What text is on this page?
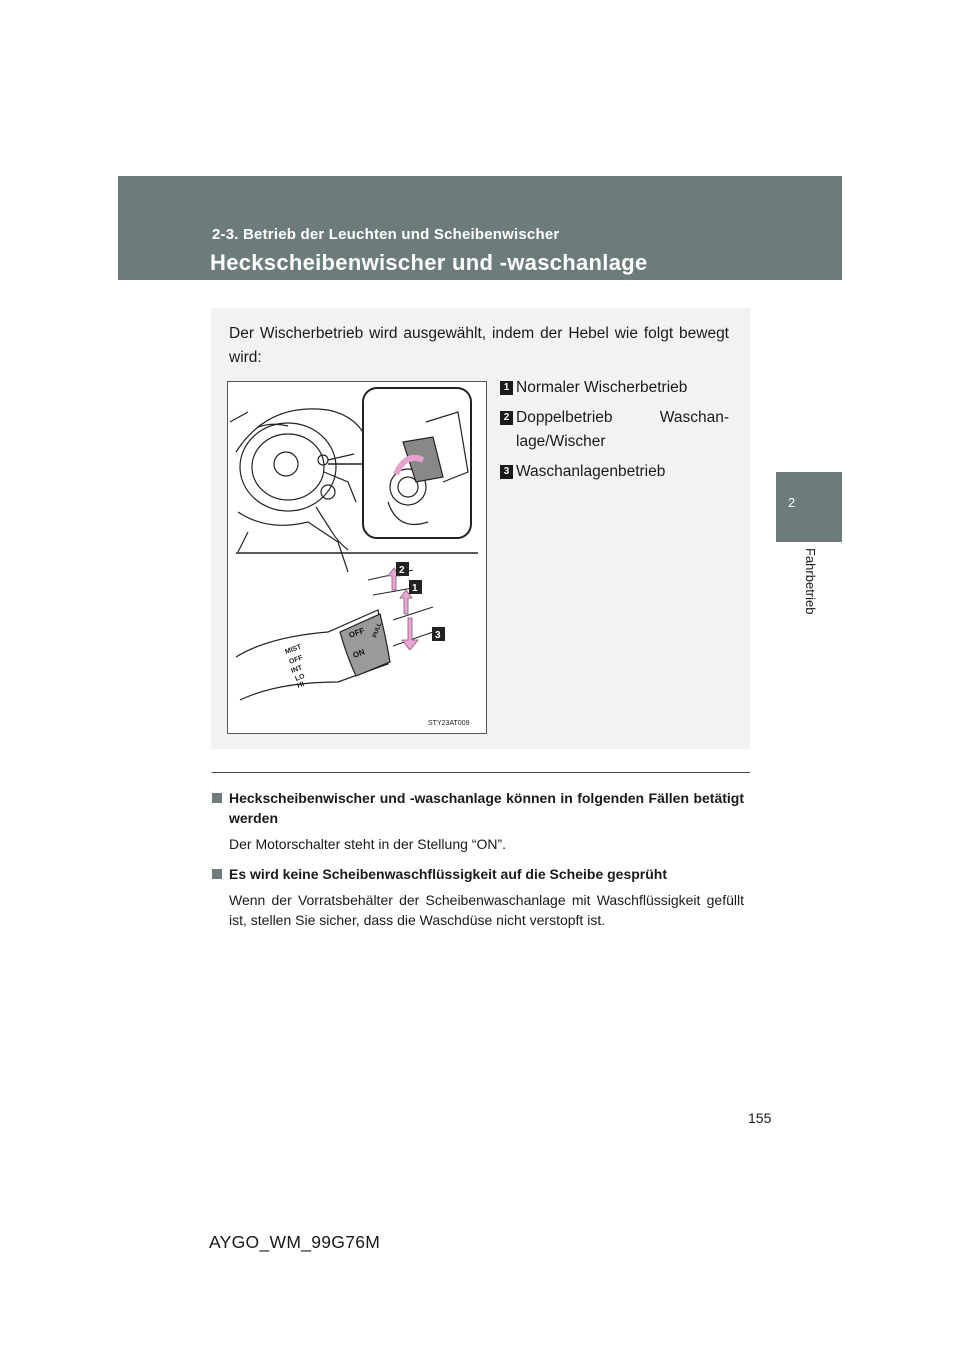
2-3. Betrieb der Leuchten und Scheibenwischer
Heckscheibenwischer und -waschanlage
2
Fahrbetrieb
Der Wischerbetrieb wird ausgewählt, indem der Hebel wie folgt bewegt wird:
MIST
OFF
INT
LO
HI
OFF
ON
PULL
2
1
3
STY23AT009
1 Normaler Wischerbetrieb
2 Doppelbetrieb Waschan-
lage/Wischer
3 Waschanlagenbetrieb
Heckscheibenwischer und -waschanlage können in folgenden Fällen betätigt werden
Der Motorschalter steht in der Stellung “ON”.
Es wird keine Scheibenwaschflüssigkeit auf die Scheibe gesprüht
Wenn der Vorratsbehälter der Scheibenwaschanlage mit Waschflüssigkeit gefüllt ist, stellen Sie sicher, dass die Waschdüse nicht verstopft ist.
155
AYGO_WM_99G76M
